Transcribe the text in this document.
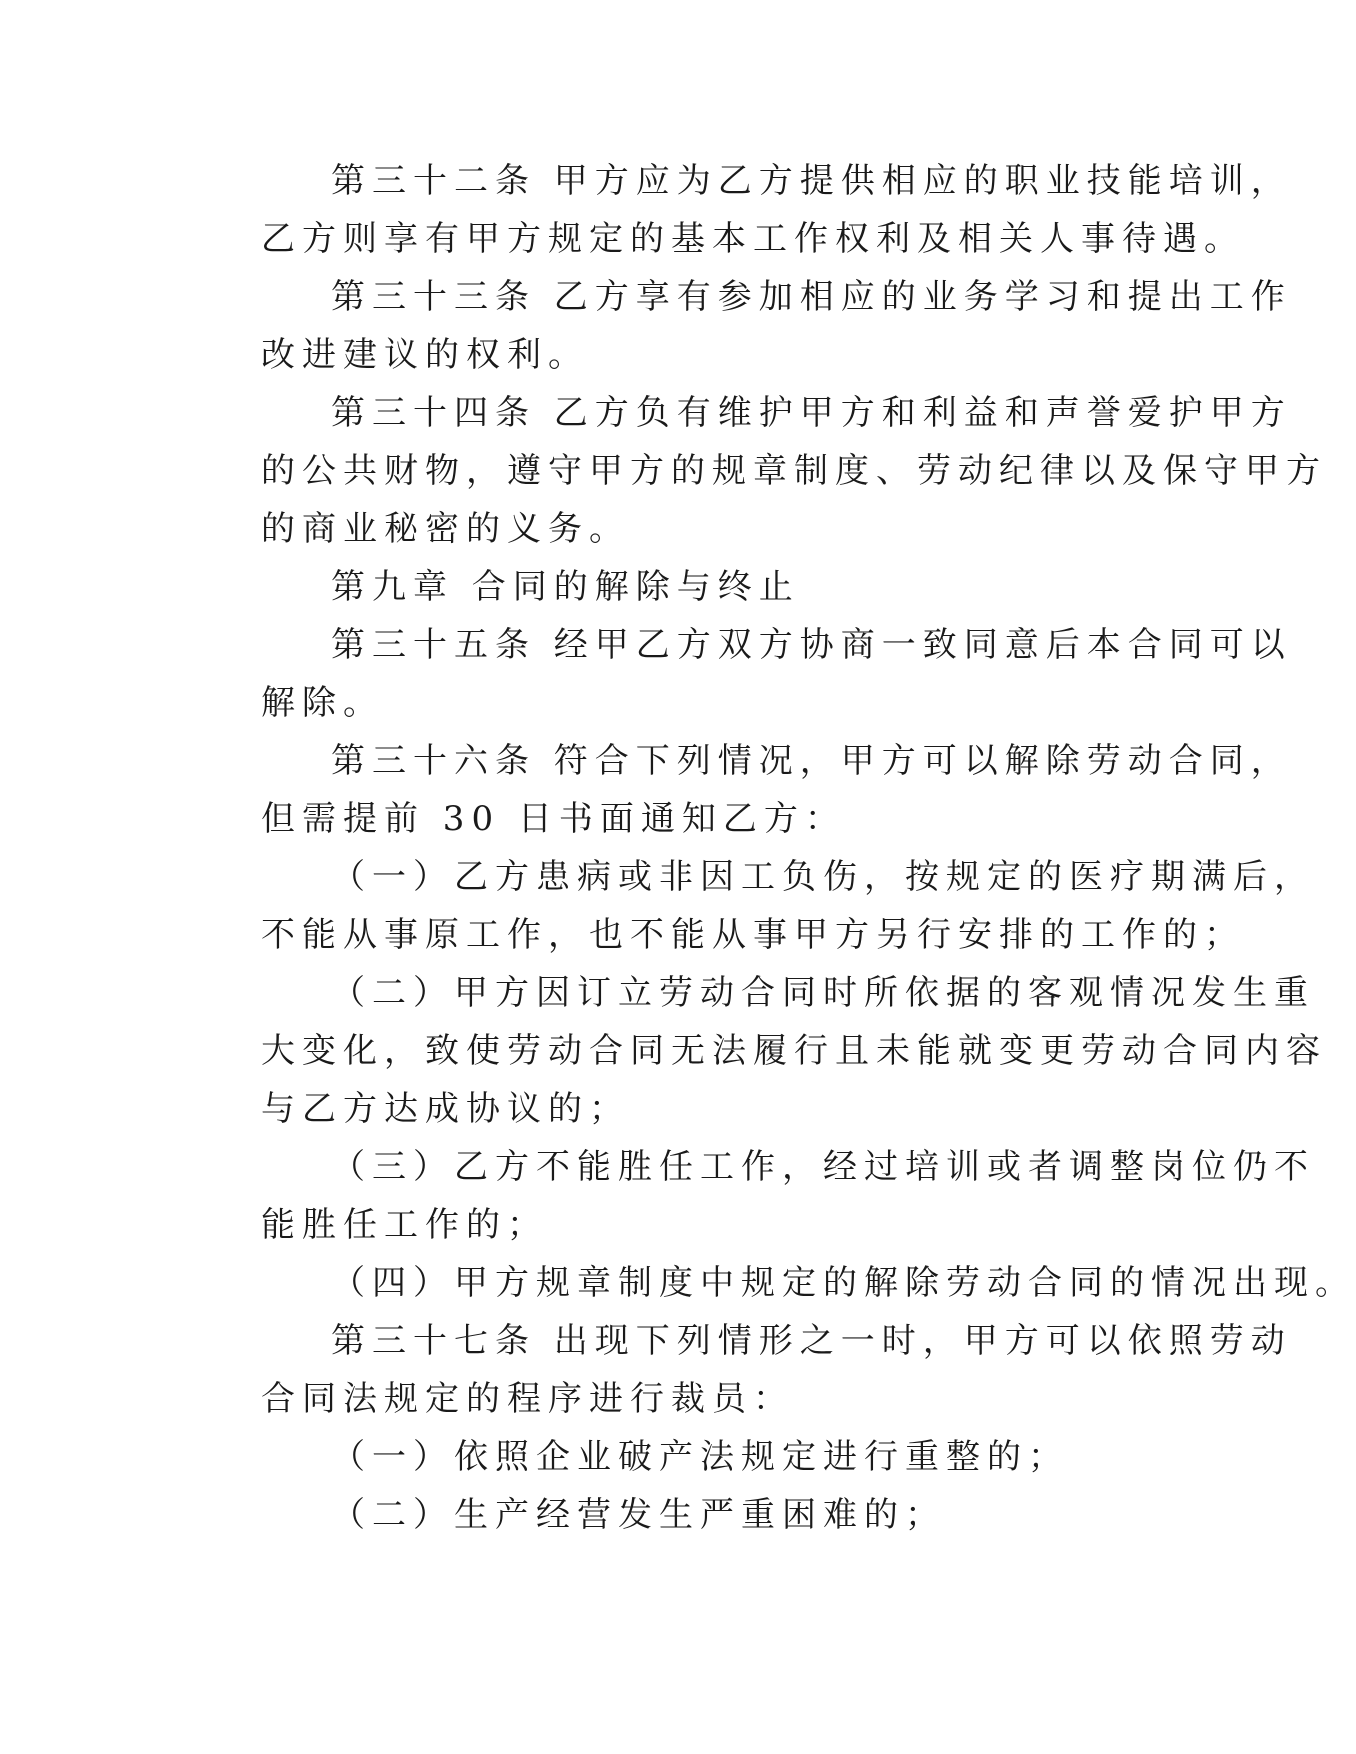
第三十二条 甲方应为乙方提供相应的职业技能培训，
乙方则享有甲方规定的基本工作权利及相关人事待遇。
第三十三条 乙方享有参加相应的业务学习和提出工作
改进建议的权利。
第三十四条 乙方负有维护甲方和利益和声誉爱护甲方
的公共财物，遵守甲方的规章制度、劳动纪律以及保守甲方
的商业秘密的义务。
第九章 合同的解除与终止
第三十五条 经甲乙方双方协商一致同意后本合同可以
解除。
第三十六条 符合下列情况，甲方可以解除劳动合同，
但需提前 30 日书面通知乙方：
（一）乙方患病或非因工负伤，按规定的医疗期满后，
不能从事原工作，也不能从事甲方另行安排的工作的；
（二）甲方因订立劳动合同时所依据的客观情况发生重
大变化，致使劳动合同无法履行且未能就变更劳动合同内容
与乙方达成协议的；
（三）乙方不能胜任工作，经过培训或者调整岗位仍不
能胜任工作的；
（四）甲方规章制度中规定的解除劳动合同的情况出现。
第三十七条 出现下列情形之一时，甲方可以依照劳动
合同法规定的程序进行裁员：
（一）依照企业破产法规定进行重整的；
（二）生产经营发生严重困难的；
